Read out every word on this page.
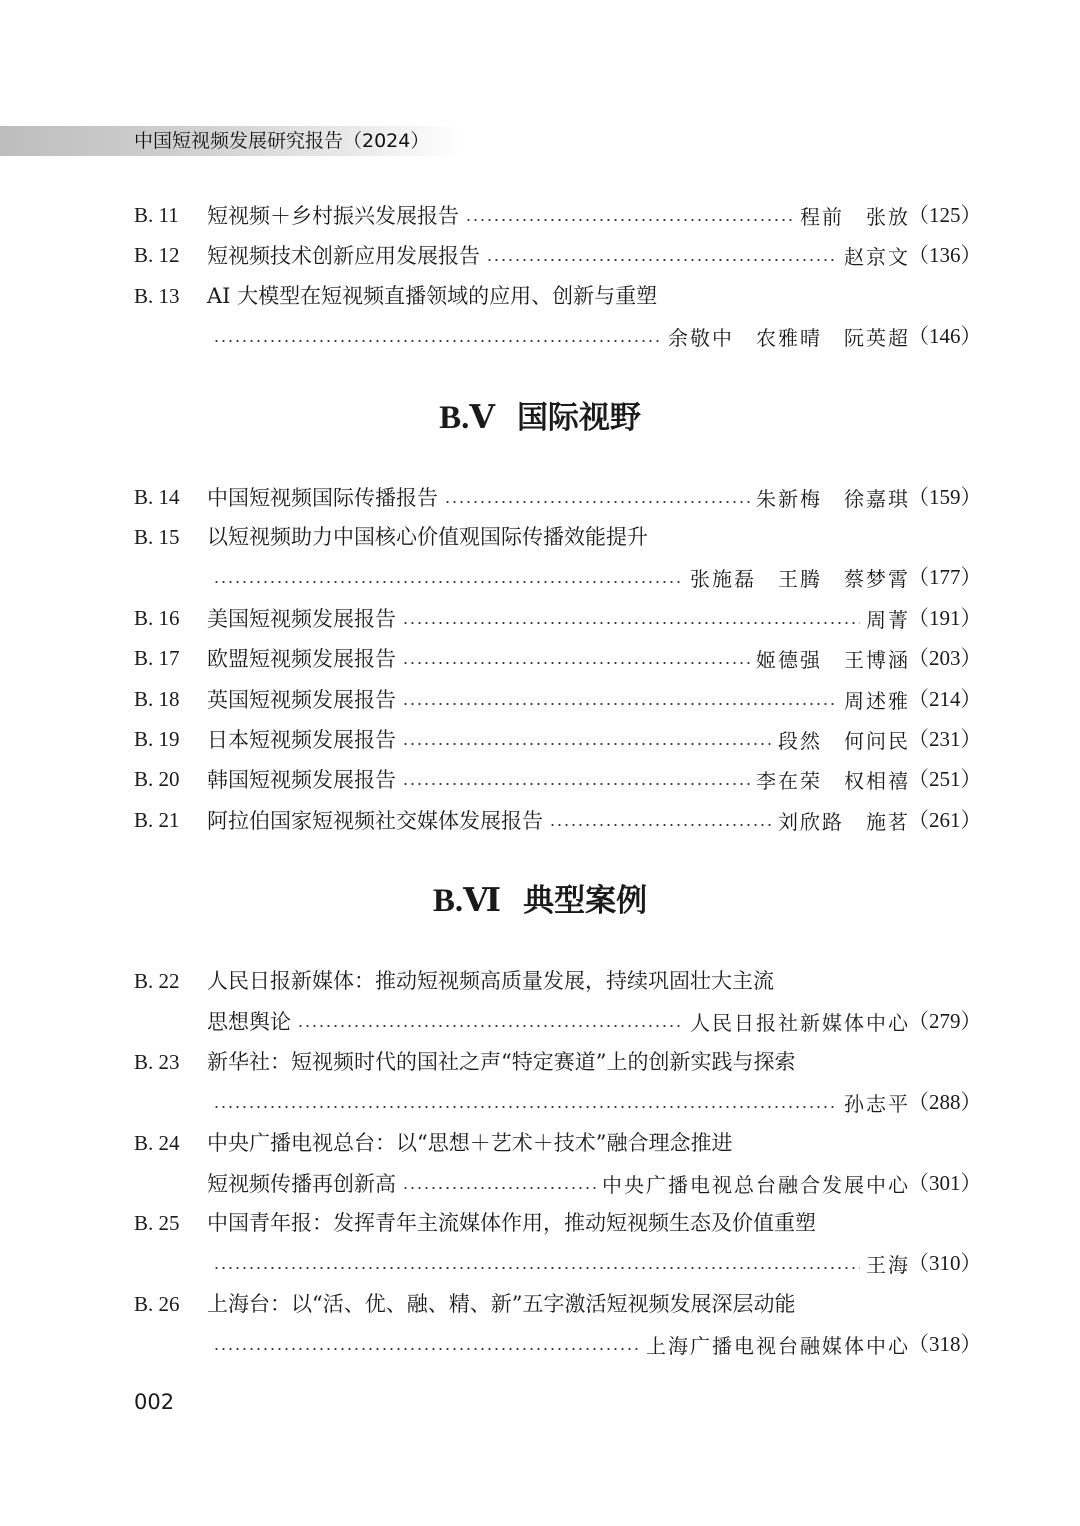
中国短视频发展研究报告（2024）
B. 11 短视频＋乡村振兴发展报告	程前　张放
（125）
B. 12 短视频技术创新应用发展报告	赵京文
（136）
B. 13 AI 大模型在短视频直播领域的应用、创新与重塑
余敬中　农雅晴　阮英超
（146）
B.Ⅴ 国际视野
B. 14 中国短视频国际传播报告	朱新梅　徐嘉琪
（159）
B. 15 以短视频助力中国核心价值观国际传播效能提升
张施磊　王腾　蔡梦霄
（177）
B. 16 美国短视频发展报告	周菁
（191）
B. 17 欧盟短视频发展报告	姬德强　王博涵
（203）
B. 18 英国短视频发展报告	周述雅
（214）
B. 19 日本短视频发展报告	段然　何问民
（231）
B. 20 韩国短视频发展报告	李在荣　权相禧
（251）
B. 21 阿拉伯国家短视频社交媒体发展报告	刘欣路　施茗
（261）
B.Ⅵ 典型案例
B. 22 人民日报新媒体：推动短视频高质量发展，持续巩固壮大主流
思想舆论	人民日报社新媒体中心
（279）
B. 23 新华社：短视频时代的国社之声“特定赛道”上的创新实践与探索
孙志平
（288）
B. 24 中央广播电视总台：以“思想＋艺术＋技术”融合理念推进
短视频传播再创新高	中央广播电视总台融合发展中心
（301）
B. 25 中国青年报：发挥青年主流媒体作用，推动短视频生态及价值重塑
王海
（310）
B. 26 上海台：以“活、优、融、精、新”五字激活短视频发展深层动能
上海广播电视台融媒体中心
（318）
002
